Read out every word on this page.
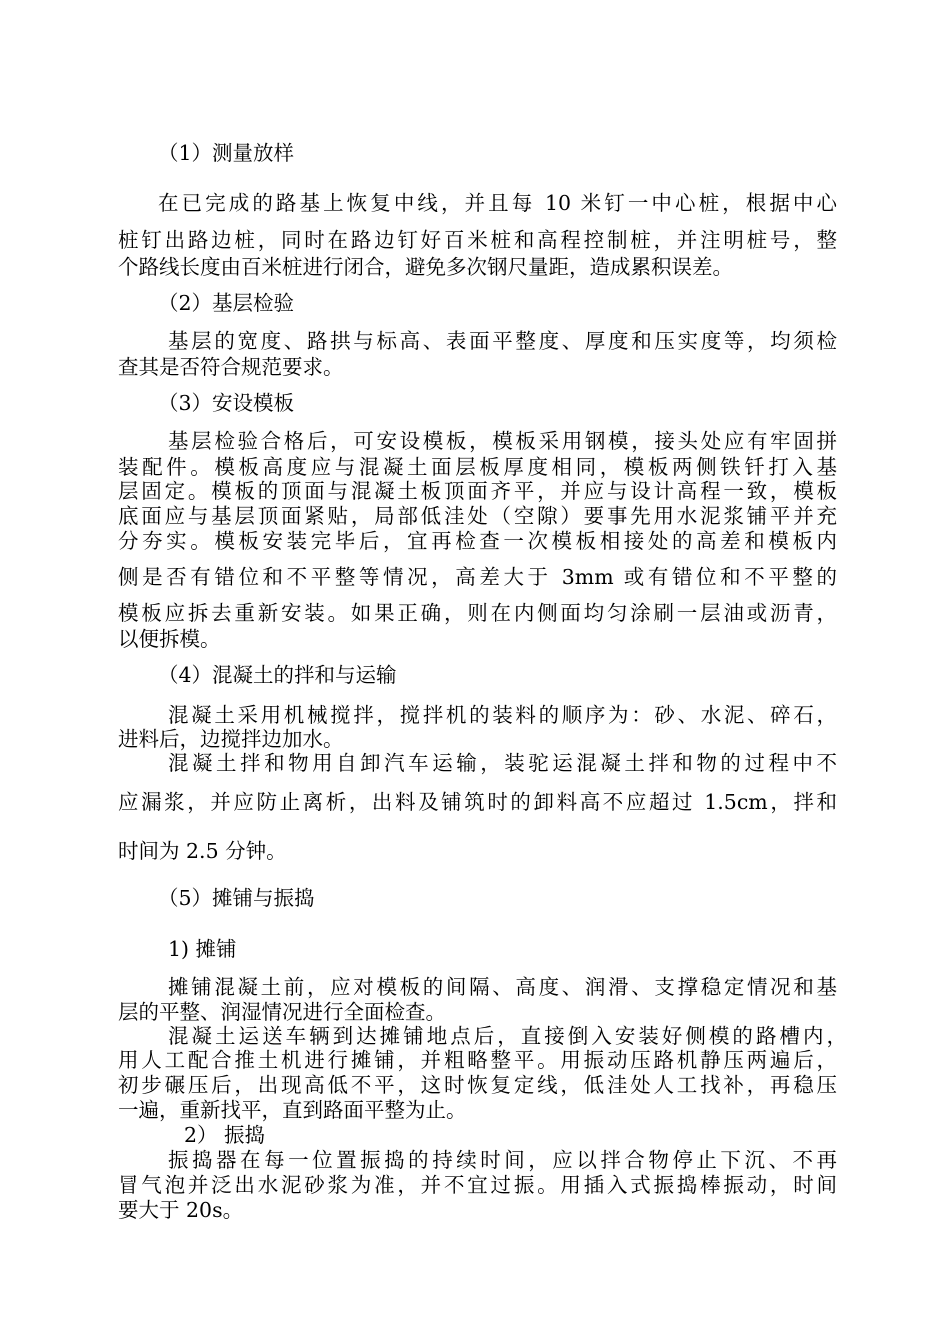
（1）测量放样
在已完成的路基上恢复中线，并且每 10 米钉一中心桩，根据中心
桩钉出路边桩，同时在路边钉好百米桩和高程控制桩，并注明桩号，整
个路线长度由百米桩进行闭合，避免多次钢尺量距，造成累积误差。
（2）基层检验
基层的宽度、路拱与标高、表面平整度、厚度和压实度等，均须检
查其是否符合规范要求。
（3）安设模板
基层检验合格后，可安设模板，模板采用钢模，接头处应有牢固拼
装配件。模板高度应与混凝土面层板厚度相同，模板两侧铁钎打入基
层固定。模板的顶面与混凝土板顶面齐平，并应与设计高程一致，模板
底面应与基层顶面紧贴，局部低洼处（空隙）要事先用水泥浆铺平并充
分夯实。模板安装完毕后，宜再检查一次模板相接处的高差和模板内
侧是否有错位和不平整等情况，高差大于 3mm 或有错位和不平整的
模板应拆去重新安装。如果正确，则在内侧面均匀涂刷一层油或沥青，
以便拆模。
（4）混凝土的拌和与运输
混凝土采用机械搅拌，搅拌机的装料的顺序为：砂、水泥、碎石，
进料后，边搅拌边加水。
混凝土拌和物用自卸汽车运输，装驼运混凝土拌和物的过程中不
应漏浆，并应防止离析，出料及铺筑时的卸料高不应超过 1.5cm，拌和
时间为 2.5 分钟。
（5）摊铺与振捣
1) 摊铺
摊铺混凝土前，应对模板的间隔、高度、润滑、支撑稳定情况和基
层的平整、润湿情况进行全面检查。
混凝土运送车辆到达摊铺地点后，直接倒入安装好侧模的路槽内，
用人工配合推土机进行摊铺，并粗略整平。用振动压路机静压两遍后，
初步碾压后，出现高低不平，这时恢复定线，低洼处人工找补，再稳压
一遍，重新找平，直到路面平整为止。
2） 振捣
振捣器在每一位置振捣的持续时间，应以拌合物停止下沉、不再
冒气泡并泛出水泥砂浆为准，并不宜过振。用插入式振捣棒振动，时间
要大于 20s。
